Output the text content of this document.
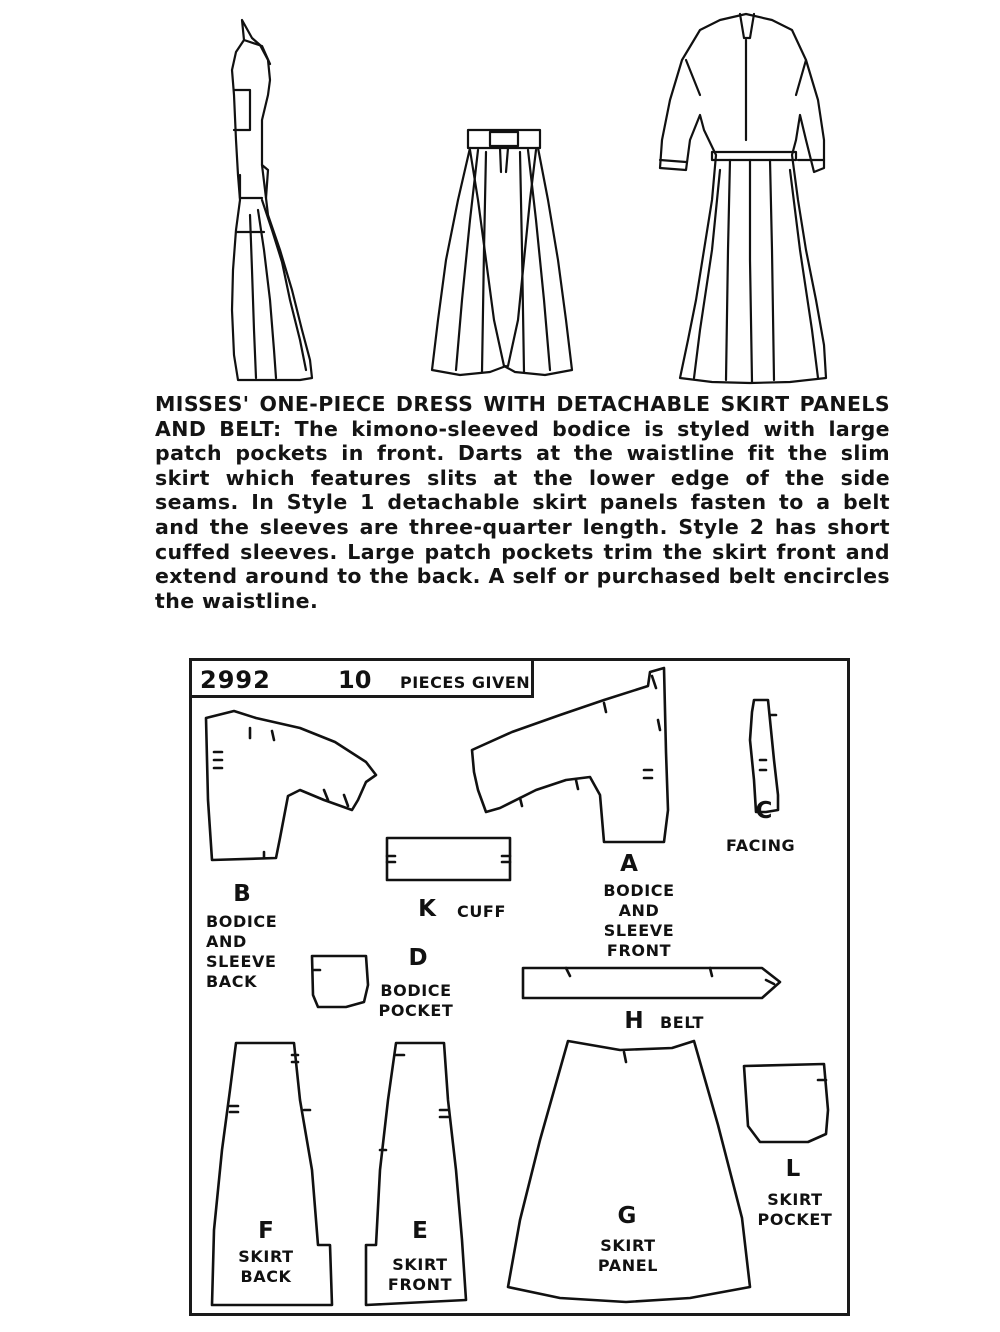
MISSES' ONE-PIECE DRESS WITH DETACHABLE SKIRT PANELS AND BELT: The kimono-sleeved bodice is styled with large patch pockets in front. Darts at the waistline fit the slim skirt which features slits at the lower edge of the side seams. In Style 1 detachable skirt panels fasten to a belt and the sleeves are three-quarter length. Style 2 has short cuffed sleeves. Large patch pockets trim the skirt front and extend around to the back. A self or purchased belt encircles the waistline.
2992	10 PIECES GIVEN
B
BODICE
AND
SLEEVE
BACK
K CUFF
A
BODICE
AND
SLEEVE
FRONT
C
FACING
D
BODICE
POCKET	H BELT
L
SKIRT
POCKET
F
SKIRT
BACK
E
SKIRT
FRONT
G
SKIRT
PANEL
